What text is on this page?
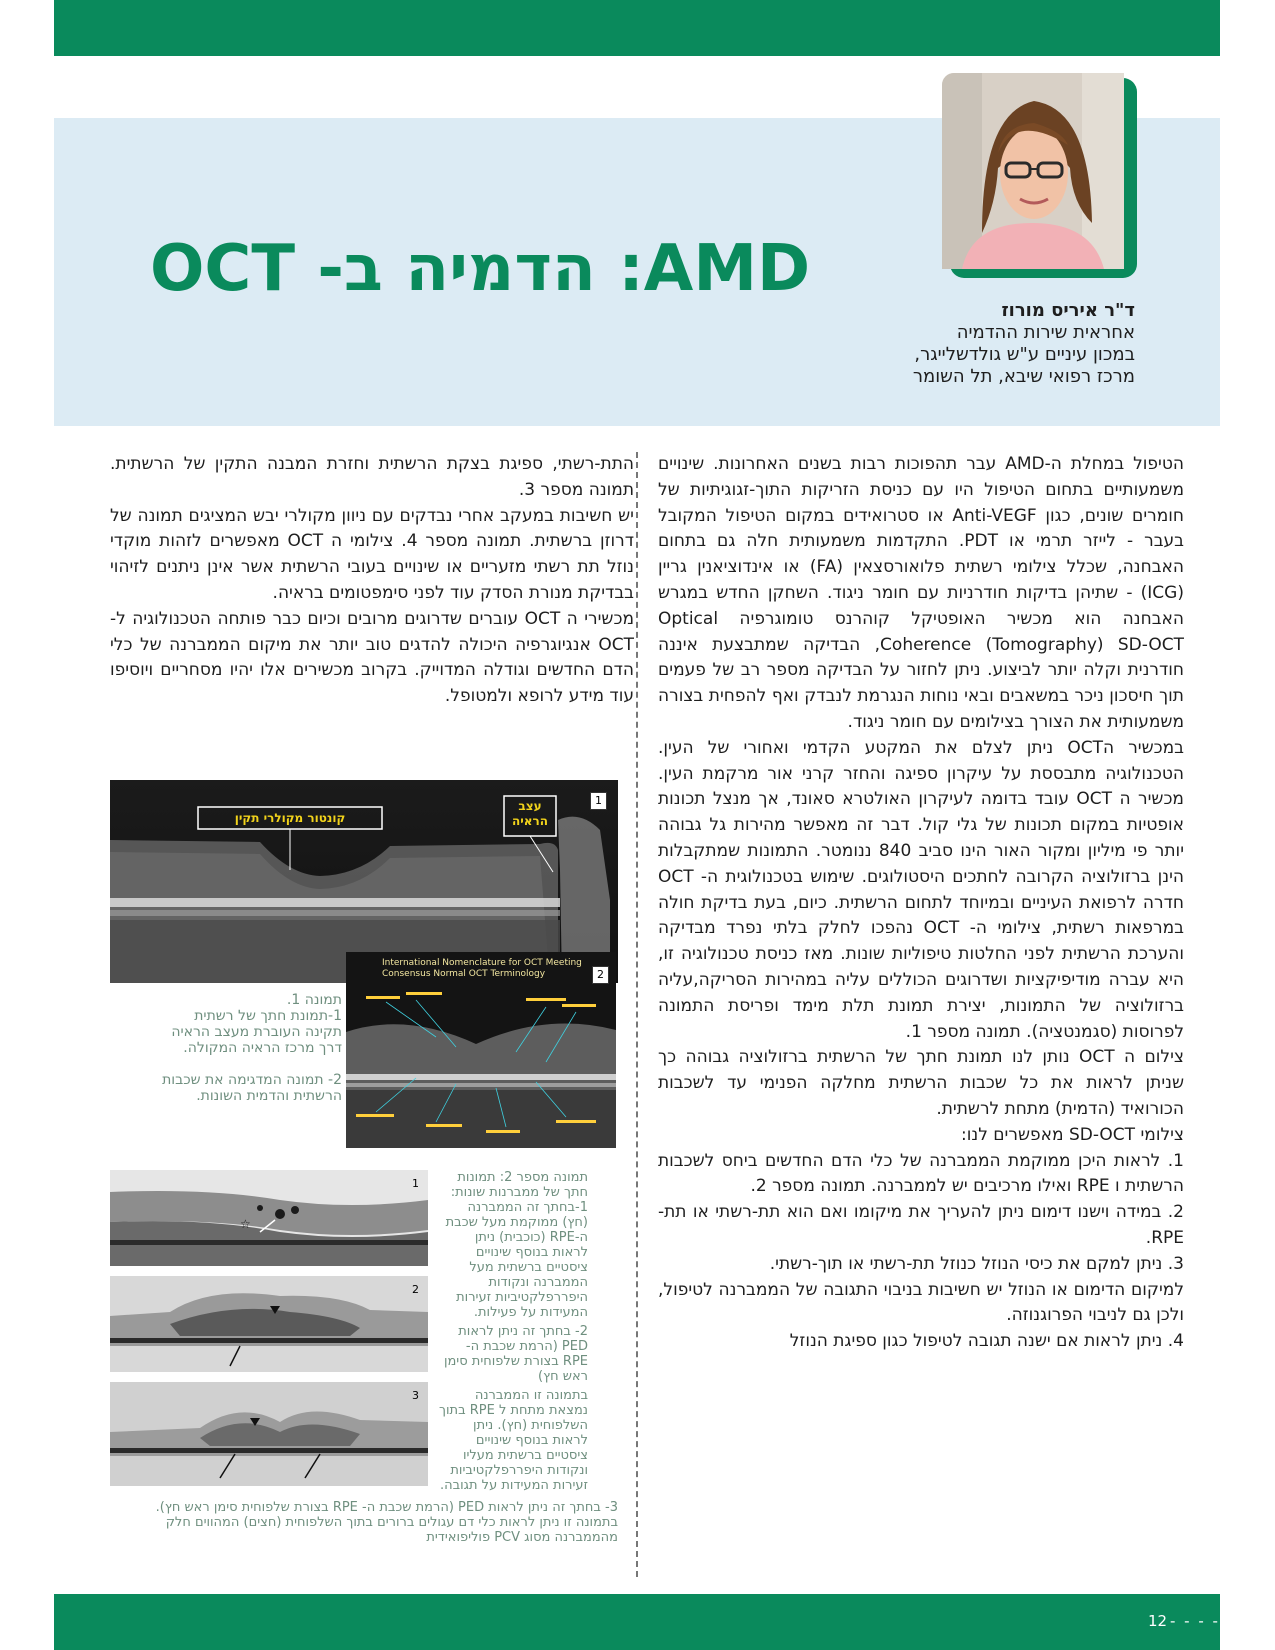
OCT -הדמיה ב :AMD
ד"ר איריס מורוז
אחראית שירות ההדמיה
במכון עיניים ע"ש גולדשלייגר,
מרכז רפואי שיבא, תל השומר

הטיפול במחלת ה-AMD עבר תהפוכות רבות בשנים האחרונות. שינויים משמעותיים בתחום הטיפול היו עם כניסת הזריקות התוך-זגוגיתיות של חומרים שונים, כגון Anti-VEGF או סטרואידים במקום הטיפול המקובל בעבר - לייזר תרמי או PDT. התקדמות משמעותית חלה גם בתחום האבחנה, שכלל צילומי רשתית פלואורסצאין (FA) או אינדוציאנין גריין (ICG) - שתיהן בדיקות חודרניות עם חומר ניגוד. השחקן החדש במגרש האבחנה הוא מכשיר האופטיקל קוהרנס טומוגרפיה Optical Coherence (Tomography) SD-OCT, הבדיקה שמתבצעת איננה חודרנית וקלה יותר לביצוע. ניתן לחזור על הבדיקה מספר רב של פעמים תוך חיסכון ניכר במשאבים ובאי נוחות הנגרמת לנבדק ואף להפחית בצורה משמעותית את הצורך בצילומים עם חומר ניגוד.

במכשיר הOCT ניתן לצלם את המקטע הקדמי ואחורי של העין. הטכנולוגיה מתבססת על עיקרון ספיגה והחזר קרני אור מרקמת העין. מכשיר ה OCT עובד בדומה לעיקרון האולטרא סאונד, אך מנצל תכונות אופטיות במקום תכונות של גלי קול. דבר זה מאפשר מהירות גל גבוהה יותר פי מיליון ומקור האור הינו סביב 840 ננומטר. התמונות שמתקבלות הינן ברזולוציה הקרובה לחתכים היסטולוגים. שימוש בטכנולוגית ה- OCT חדרה לרפואת העיניים ובמיוחד לתחום הרשתית. כיום, בעת בדיקת חולה במרפאות רשתית, צילומי ה- OCT נהפכו לחלק בלתי נפרד מבדיקה והערכת הרשתית לפני החלטות טיפוליות שונות. מאז כניסת טכנולוגיה זו, היא עברה מודיפיקציות ושדרוגים הכוללים עליה במהירות הסריקה,עליה ברזולוציה של התמונות, יצירת תמונת תלת מימד ופריסת התמונה לפרוסות (סגמנטציה). תמונה מספר 1.

צילום ה OCT נותן לנו תמונת חתך של הרשתית ברזולוציה גבוהה כך שניתן לראות את כל שכבות הרשתית מחלקה הפנימי עד לשכבות הכורואיד (הדמית) מתחת לרשתית.

צילומי SD-OCT מאפשרים לנו:

1. לראות היכן ממוקמת הממברנה של כלי הדם החדשים ביחס לשכבות הרשתית ו RPE ואילו מרכיבים יש לממברנה. תמונה מספר 2.

2. במידה וישנו דימום ניתן להעריך את מיקומו ואם הוא תת-רשתי או תת-RPE.

3. ניתן למקם את כיסי הנוזל כנוזל תת-רשתי או תוך-רשתי.

למיקום הדימום או הנוזל יש חשיבות בניבוי התגובה של הממברנה לטיפול, ולכן גם לניבוי הפרוגנוזה.

4. ניתן לראות אם ישנה תגובה לטיפול כגון ספיגת הנוזל

התת-רשתי, ספיגת בצקת הרשתית וחזרת המבנה התקין של הרשתית. תמונה מספר 3.

יש חשיבות במעקב אחרי נבדקים עם ניוון מקולרי יבש המציגים תמונה של דרוזן ברשתית. תמונה מספר 4. צילומי ה OCT מאפשרים לזהות מוקדי נוזל תת רשתי מזעריים או שינויים בעובי הרשתית אשר אינן ניתנים לזיהוי בבדיקת מנורת הסדק עוד לפני סימפטומים בראיה.

מכשירי ה OCT עוברים שדרוגים מרובים וכיום כבר פותחה הטכנולוגיה ל-OCT אנגיוגרפיה היכולה להדגים טוב יותר את מיקום הממברנה של כלי הדם החדשים וגודלה המדוייק. בקרוב מכשירים אלו יהיו מסחריים ויוסיפו עוד מידע לרופא ולמטופל.

קונטור מקולרי תקין
עצב
הראיה
1
International Nomenclature for OCT Meeting
Consensus Normal OCT Terminology	2

תמונה 1.

1-תמונת חתך של רשתית תקינה העוברת מעצב הראיה דרך מרכז הראיה המקולה.

2- תמונה המדגימה את שכבות הרשתית והדמית השונות.

☆
1
2
3

תמונה מספר 2: תמונות חתך של ממברנות שונות:

1-בחתך זה הממברנה (חץ) ממוקמת מעל שכבת ה-RPE (כוכבית) ניתן לראות בנוסף שינויים ציסטיים ברשתית מעל הממברנה ונקודות היפררפלקטיביות זעירות המעידות על פעילות.

2- בחתך זה ניתן לראות PED (הרמת שכבת ה- RPE בצורת שלפוחית סימן ראש חץ)

בתמונה זו הממברנה נמצאת מתחת ל RPE בתוך השלפוחית (חץ). ניתן לראות בנוסף שינויים ציסטיים ברשתית מעליו ונקודות היפררפלקטיביות זעירות המעידות על תגובה.

3- בחתך זה ניתן לראות PED (הרמת שכבת ה- RPE בצורת שלפוחית סימן ראש חץ). בתמונה זו ניתן לראות כלי דם עגולים ברורים בתוך השלפוחית (חצים) המהווים חלק מהממברנה מסוג PCV פוליפואידית
12 - - - - -
